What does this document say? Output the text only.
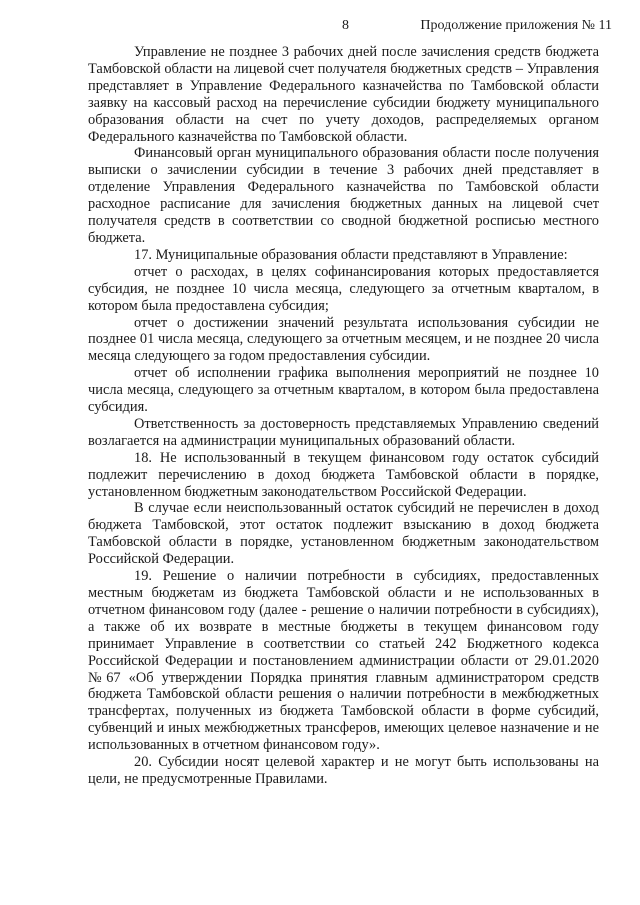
8	Продолжение приложения № 11

Управление не позднее 3 рабочих дней после зачисления средств бюджета Тамбовской области на лицевой счет получателя бюджетных средств – Управления представляет в Управление Федерального казначейства по Тамбовской области заявку на кассовый расход на перечисление субсидии бюджету муниципального образования области на счет по учету доходов, распределяемых органом Федерального казначейства по Тамбовской области.

Финансовый орган муниципального образования области после получения выписки о зачислении субсидии в течение 3 рабочих дней представляет в отделение Управления Федерального казначейства по Тамбовской области расходное расписание для зачисления бюджетных данных на лицевой счет получателя средств в соответствии со сводной бюджетной росписью местного бюджета.

17. Муниципальные образования области представляют в Управление:

отчет о расходах, в целях софинансирования которых предоставляется субсидия, не позднее 10 числа месяца, следующего за отчетным кварталом, в котором была предоставлена субсидия;

отчет о достижении значений результата использования субсидии не позднее 01 числа месяца, следующего за отчетным месяцем, и не позднее 20 числа месяца следующего за годом предоставления субсидии.

отчет об исполнении графика выполнения мероприятий не позднее 10 числа месяца, следующего за отчетным кварталом, в котором была предоставлена субсидия.

Ответственность за достоверность представляемых Управлению сведений возлагается на администрации муниципальных образований области.

18. Не использованный в текущем финансовом году остаток субсидий подлежит перечислению в доход бюджета Тамбовской области в порядке, установленном бюджетным законодательством Российской Федерации.

В случае если неиспользованный остаток субсидий не перечислен в доход бюджета Тамбовской, этот остаток подлежит взысканию в доход бюджета Тамбовской области в порядке, установленном бюджетным законодательством Российской Федерации.

19. Решение о наличии потребности в субсидиях, предоставленных местным бюджетам из бюджета Тамбовской области и не использованных в отчетном финансовом году (далее - решение о наличии потребности в субсидиях), а также об их возврате в местные бюджеты в текущем финансовом году принимает Управление в соответствии со статьей 242 Бюджетного кодекса Российской Федерации и постановлением администрации области от 29.01.2020 №67 «Об утверждении Порядка принятия главным администратором средств бюджета Тамбовской области решения о наличии потребности в межбюджетных трансфертах, полученных из бюджета Тамбовской области в форме субсидий, субвенций и иных межбюджетных трансферов, имеющих целевое назначение и не использованных в отчетном финансовом году».

20. Субсидии носят целевой характер и не могут быть использованы на цели, не предусмотренные Правилами.
